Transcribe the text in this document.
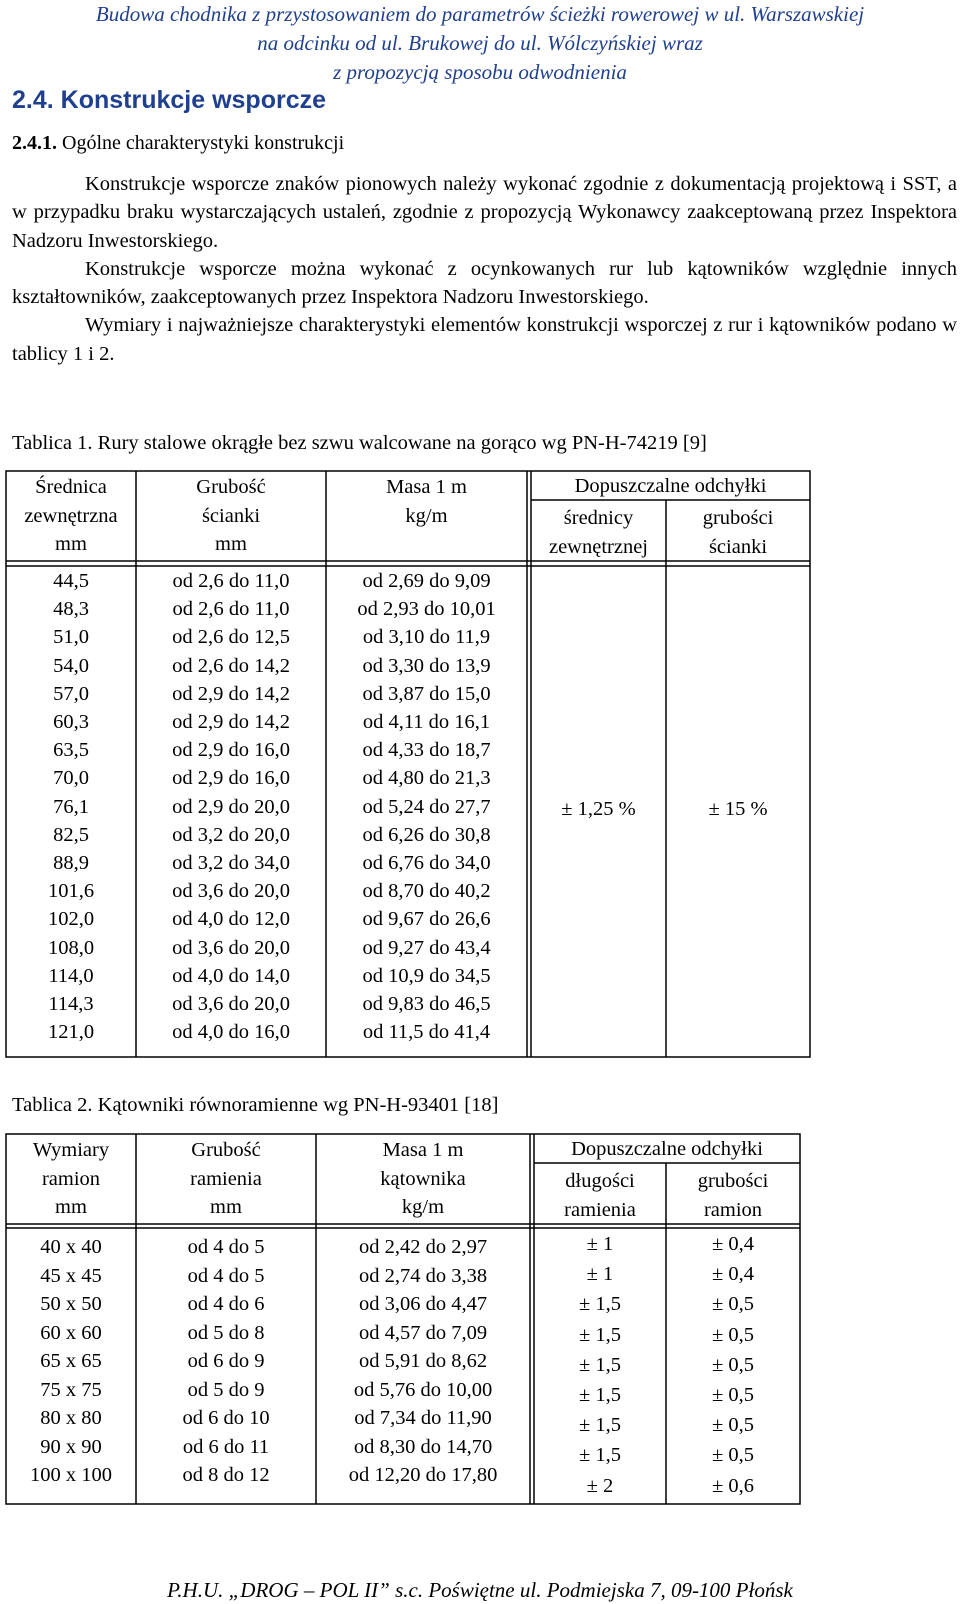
Budowa chodnika z przystosowaniem do parametrów ścieżki rowerowej w ul. Warszawskiej
na odcinku od ul. Brukowej do ul. Wólczyńskiej wraz
z propozycją sposobu odwodnienia
2.4. Konstrukcje wsporcze
2.4.1. Ogólne charakterystyki konstrukcji

Konstrukcje wsporcze znaków pionowych należy wykonać zgodnie z dokumentacją projektową i SST, a w przypadku braku wystarczających ustaleń, zgodnie z propozycją Wykonawcy zaakceptowaną przez Inspektora Nadzoru Inwestorskiego.

Konstrukcje wsporcze można wykonać z ocynkowanych rur lub kątowników względnie innych kształtowników, zaakceptowanych przez Inspektora Nadzoru Inwestorskiego.

Wymiary i najważniejsze charakterystyki elementów konstrukcji wsporczej z rur i kątowników podano w tablicy 1 i 2.

Tablica 1. Rury stalowe okrągłe bez szwu walcowane na gorąco wg PN-H-74219 [9]
Średnica
zewnętrzna
mm
Grubość
ścianki
mm
Masa 1 m
kg/m
Dopuszczalne odchyłki
średnicy
zewnętrznej
grubości
ścianki
44,5
48,3
51,0
54,0
57,0
60,3
63,5
70,0
76,1
82,5
88,9
101,6
102,0
108,0
114,0
114,3
121,0
od 2,6 do 11,0
od 2,6 do 11,0
od 2,6 do 12,5
od 2,6 do 14,2
od 2,9 do 14,2
od 2,9 do 14,2
od 2,9 do 16,0
od 2,9 do 16,0
od 2,9 do 20,0
od 3,2 do 20,0
od 3,2 do 34,0
od 3,6 do 20,0
od 4,0 do 12,0
od 3,6 do 20,0
od 4,0 do 14,0
od 3,6 do 20,0
od 4,0 do 16,0
od 2,69 do 9,09
od 2,93 do 10,01
od 3,10 do 11,9
od 3,30 do 13,9
od 3,87 do 15,0
od 4,11 do 16,1
od 4,33 do 18,7
od 4,80 do 21,3
od 5,24 do 27,7
od 6,26 do 30,8
od 6,76 do 34,0
od 8,70 do 40,2
od 9,67 do 26,6
od 9,27 do 43,4
od 10,9 do 34,5
od 9,83 do 46,5
od 11,5 do 41,4
± 1,25 %	± 15 %
Tablica 2. Kątowniki równoramienne wg PN-H-93401 [18]
Wymiary
ramion
mm
Grubość
ramienia
mm
Masa 1 m
kątownika
kg/m
Dopuszczalne odchyłki
długości
ramienia
grubości
ramion
40 x 40
45 x 45
50 x 50
60 x 60
65 x 65
75 x 75
80 x 80
90 x 90
100 x 100
od 4 do 5
od 4 do 5
od 4 do 6
od 5 do 8
od 6 do 9
od 5 do 9
od 6 do 10
od 6 do 11
od 8 do 12
od 2,42 do 2,97
od 2,74 do 3,38
od 3,06 do 4,47
od 4,57 do 7,09
od 5,91 do 8,62
od 5,76 do 10,00
od 7,34 do 11,90
od 8,30 do 14,70
od 12,20 do 17,80
± 1
± 1
± 1,5
± 1,5
± 1,5
± 1,5
± 1,5
± 1,5
± 2
± 0,4
± 0,4
± 0,5
± 0,5
± 0,5
± 0,5
± 0,5
± 0,5
± 0,6
P.H.U. „DROG – POL II” s.c. Poświętne ul. Podmiejska 7, 09-100 Płońsk
